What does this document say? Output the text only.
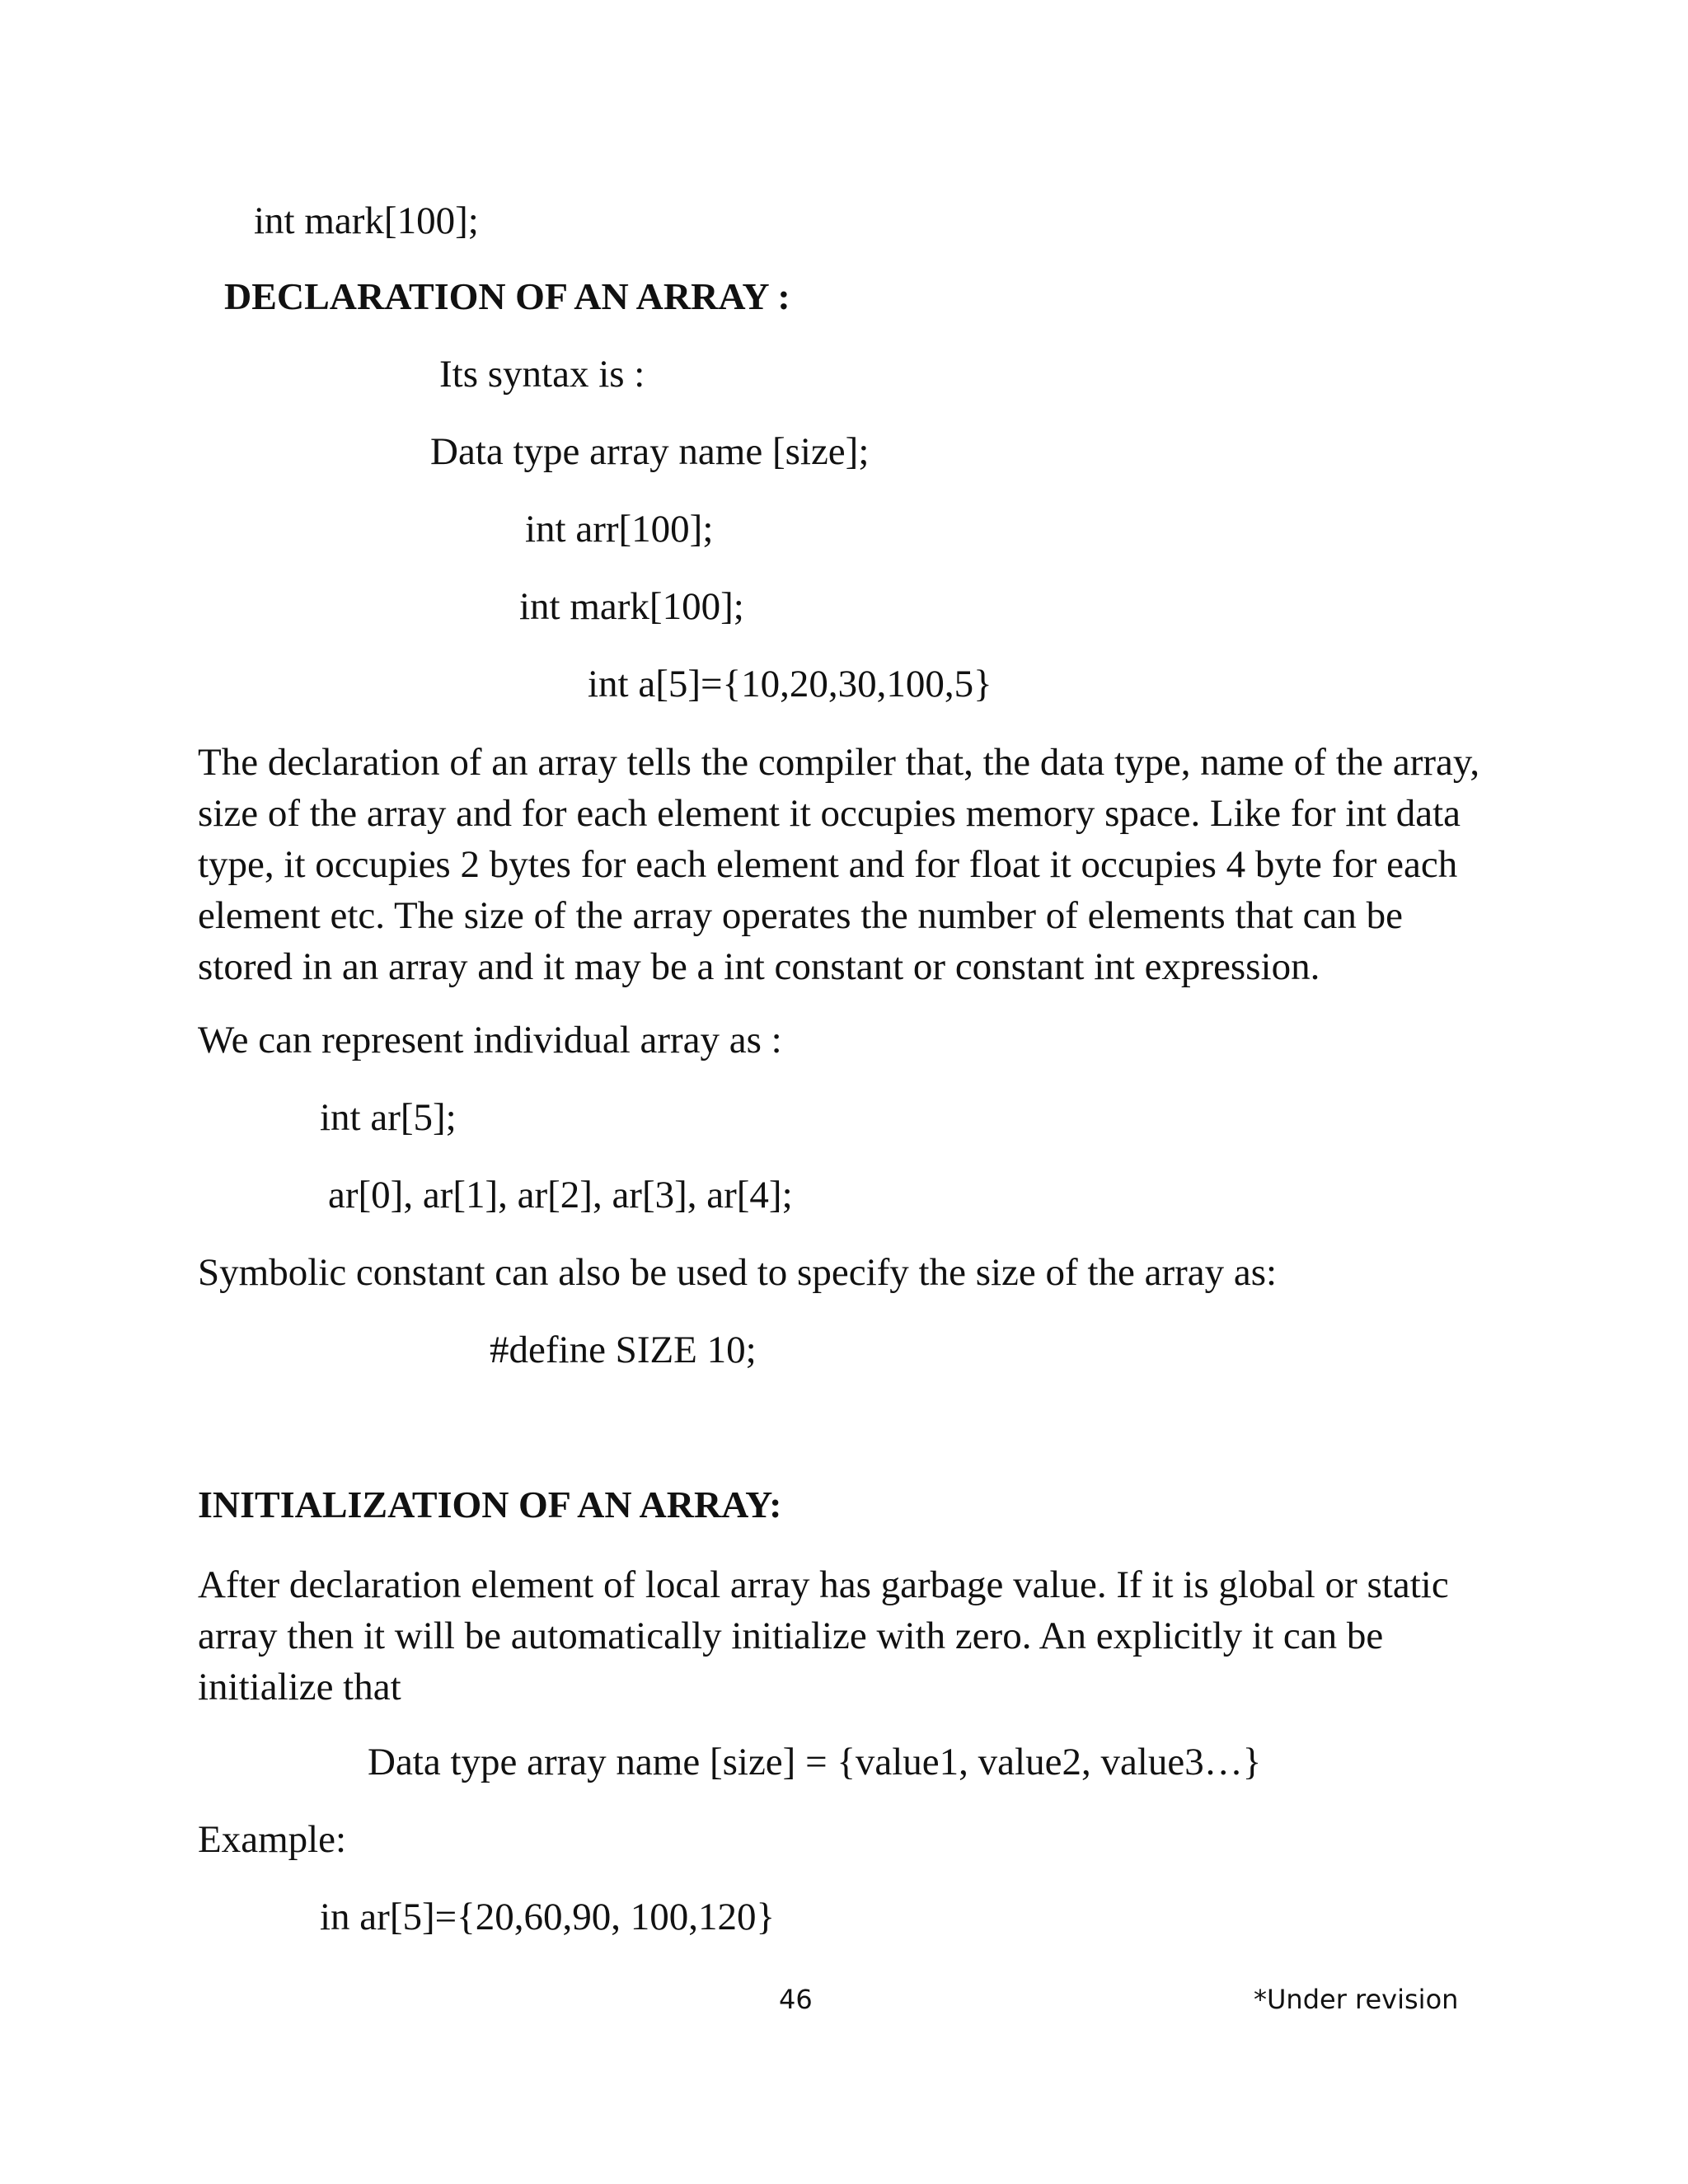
int mark[100];
DECLARATION OF AN ARRAY :
Its syntax is :
Data type array name [size];
int arr[100];
int mark[100];
int a[5]={10,20,30,100,5}

The declaration of an array tells the compiler that, the data type, name of the array,

size of the array and for each element it occupies memory space. Like for int data

type, it occupies 2 bytes for each element and for float it occupies 4 byte for each

element etc. The size of the array operates the number of elements that can be

stored in an array and it may be a int constant or constant int expression.

We can represent individual array as :
int ar[5];
ar[0], ar[1], ar[2], ar[3], ar[4];
Symbolic constant can also be used to specify the size of the array as:
#define SIZE 10;
INITIALIZATION OF AN ARRAY:

After declaration element of local array has garbage value. If it is global or static

array then it will be automatically initialize with zero. An explicitly it can be

initialize that

Data type array name [size] = {value1, value2, value3…}
Example:
in ar[5]={20,60,90, 100,120}
46	*Under revision
